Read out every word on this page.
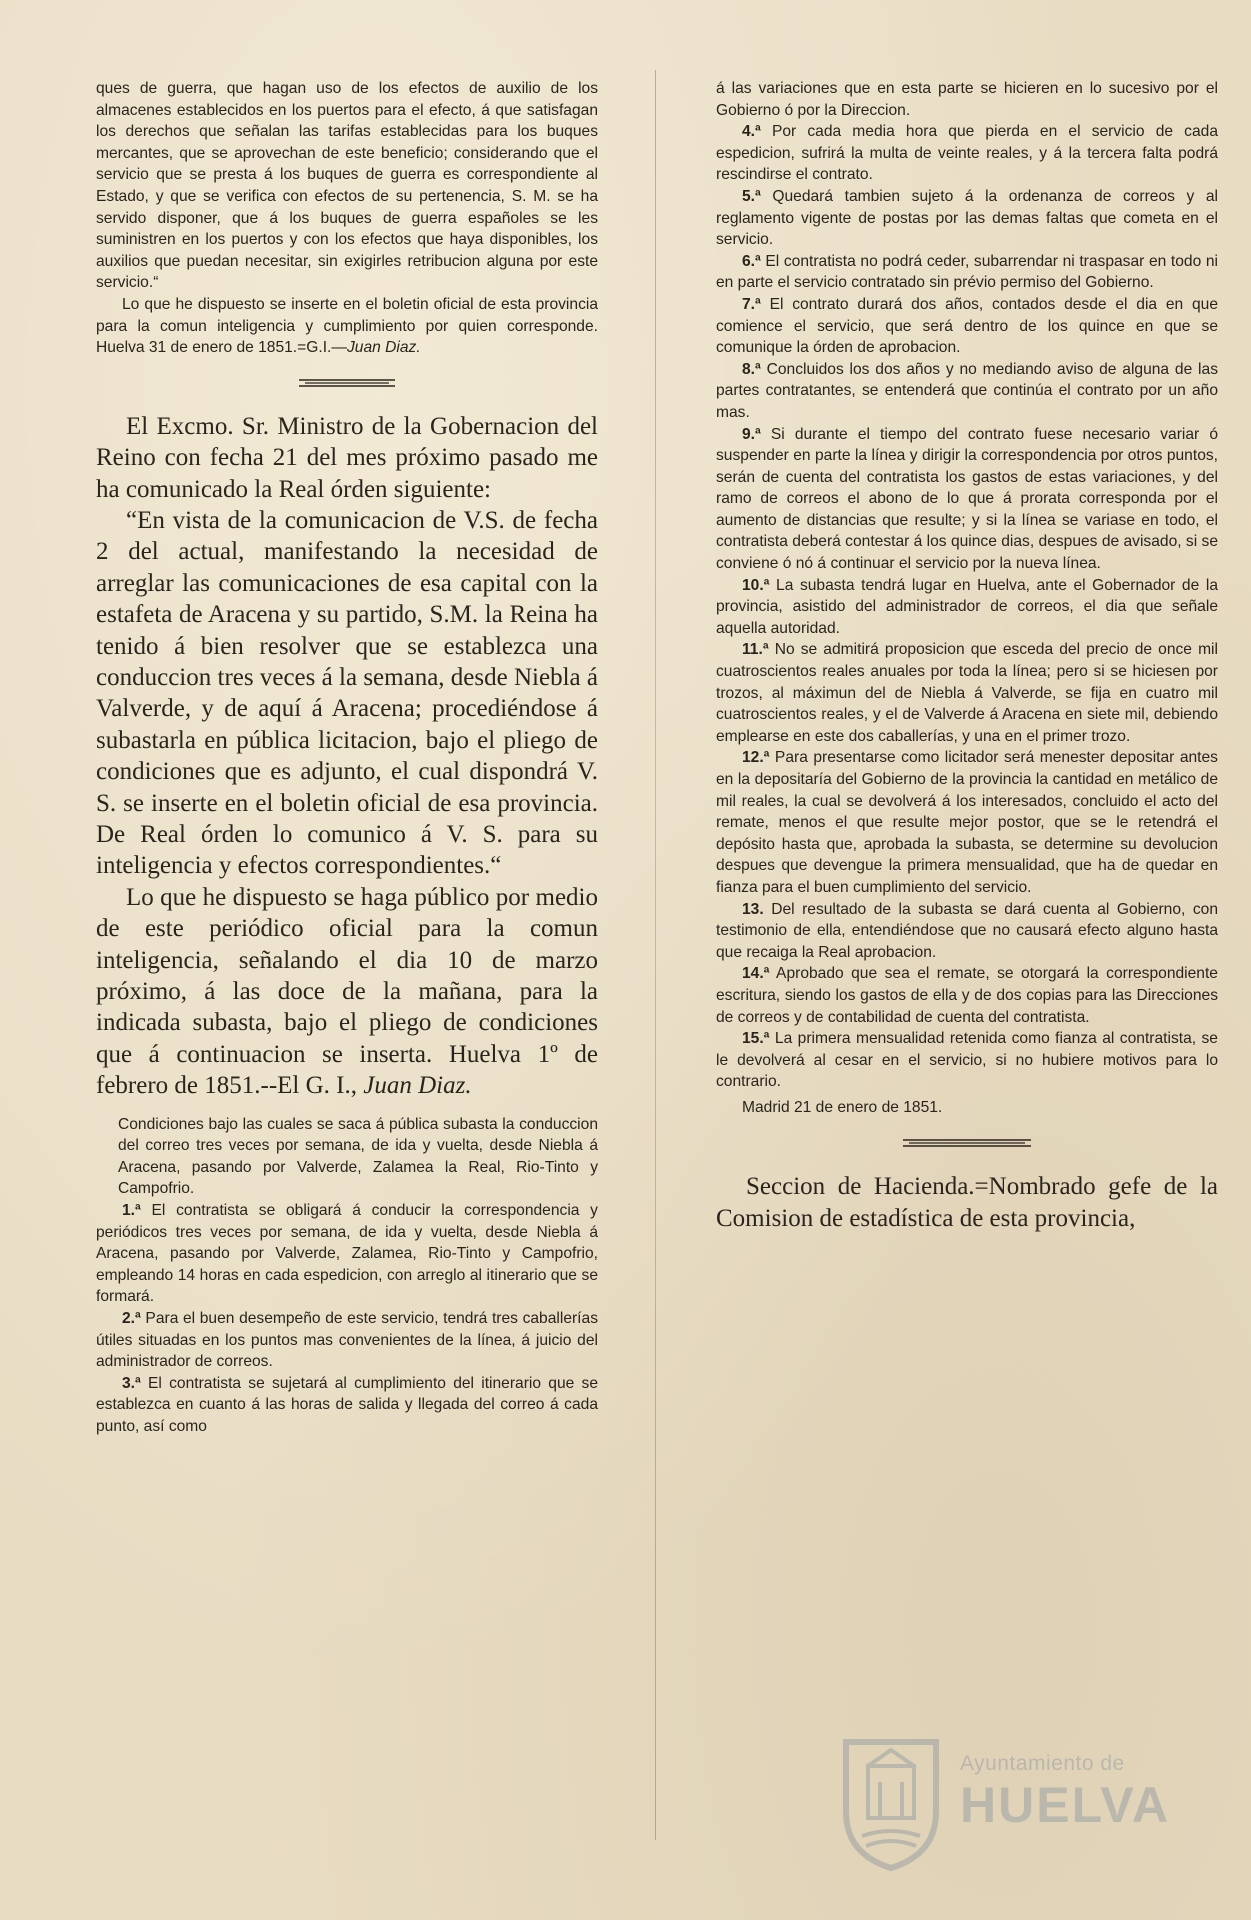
ques de guerra, que hagan uso de los efectos de auxilio de los almacenes establecidos en los puertos para el efecto, á que satisfagan los derechos que señalan las tarifas establecidas para los buques mercantes, que se aprovechan de este beneficio; considerando que el servicio que se presta á los buques de guerra es correspondiente al Estado, y que se verifica con efectos de su pertenencia, S. M. se ha servido disponer, que á los buques de guerra españoles se les suministren en los puertos y con los efectos que haya disponibles, los auxilios que puedan necesitar, sin exigirles retribucion alguna por este servicio.“

Lo que he dispuesto se inserte en el boletin oficial de esta provincia para la comun inteligencia y cumplimiento por quien corresponde. Huelva 31 de enero de 1851.=G.I.—Juan Diaz.

El Excmo. Sr. Ministro de la Gobernacion del Reino con fecha 21 del mes próximo pasado me ha comunicado la Real órden siguiente:

“En vista de la comunicacion de V.S. de fecha 2 del actual, manifestando la necesidad de arreglar las comunicaciones de esa capital con la estafeta de Aracena y su partido, S.M. la Reina ha tenido á bien resolver que se establezca una conduccion tres veces á la semana, desde Niebla á Valverde, y de aquí á Aracena; procediéndose á subastarla en pública licitacion, bajo el pliego de condiciones que es adjunto, el cual dispondrá V. S. se inserte en el boletin oficial de esa provincia. De Real órden lo comunico á V. S. para su inteligencia y efectos correspondientes.“

Lo que he dispuesto se haga público por medio de este periódico oficial para la comun inteligencia, señalando el dia 10 de marzo próximo, á las doce de la mañana, para la indicada subasta, bajo el pliego de condiciones que á continuacion se inserta. Huelva 1º de febrero de 1851.--El G. I., Juan Diaz.

Condiciones bajo las cuales se saca á pública subasta la conduccion del correo tres veces por semana, de ida y vuelta, desde Niebla á Aracena, pasando por Valverde, Zalamea la Real, Rio-Tinto y Campofrio.

1.ª El contratista se obligará á conducir la correspondencia y periódicos tres veces por semana, de ida y vuelta, desde Niebla á Aracena, pasando por Valverde, Zalamea, Rio-Tinto y Campofrio, empleando 14 horas en cada espedicion, con arreglo al itinerario que se formará.

2.ª Para el buen desempeño de este servicio, tendrá tres caballerías útiles situadas en los puntos mas convenientes de la línea, á juicio del administrador de correos.

3.ª El contratista se sujetará al cumplimiento del itinerario que se establezca en cuanto á las horas de salida y llegada del correo á cada punto, así como

á las variaciones que en esta parte se hicieren en lo sucesivo por el Gobierno ó por la Direccion.

4.ª Por cada media hora que pierda en el servicio de cada espedicion, sufrirá la multa de veinte reales, y á la tercera falta podrá rescindirse el contrato.

5.ª Quedará tambien sujeto á la ordenanza de correos y al reglamento vigente de postas por las demas faltas que cometa en el servicio.

6.ª El contratista no podrá ceder, subarrendar ni traspasar en todo ni en parte el servicio contratado sin prévio permiso del Gobierno.

7.ª El contrato durará dos años, contados desde el dia en que comience el servicio, que será dentro de los quince en que se comunique la órden de aprobacion.

8.ª Concluidos los dos años y no mediando aviso de alguna de las partes contratantes, se entenderá que continúa el contrato por un año mas.

9.ª Si durante el tiempo del contrato fuese necesario variar ó suspender en parte la línea y dirigir la correspondencia por otros puntos, serán de cuenta del contratista los gastos de estas variaciones, y del ramo de correos el abono de lo que á prorata corresponda por el aumento de distancias que resulte; y si la línea se variase en todo, el contratista deberá contestar á los quince dias, despues de avisado, si se conviene ó nó á continuar el servicio por la nueva línea.

10.ª La subasta tendrá lugar en Huelva, ante el Gobernador de la provincia, asistido del administrador de correos, el dia que señale aquella autoridad.

11.ª No se admitirá proposicion que esceda del precio de once mil cuatroscientos reales anuales por toda la línea; pero si se hiciesen por trozos, al máximun del de Niebla á Valverde, se fija en cuatro mil cuatroscientos reales, y el de Valverde á Aracena en siete mil, debiendo emplearse en este dos caballerías, y una en el primer trozo.

12.ª Para presentarse como licitador será menester depositar antes en la depositaría del Gobierno de la provincia la cantidad en metálico de mil reales, la cual se devolverá á los interesados, concluido el acto del remate, menos el que resulte mejor postor, que se le retendrá el depósito hasta que, aprobada la subasta, se determine su devolucion despues que devengue la primera mensualidad, que ha de quedar en fianza para el buen cumplimiento del servicio.

13. Del resultado de la subasta se dará cuenta al Gobierno, con testimonio de ella, entendiéndose que no causará efecto alguno hasta que recaiga la Real aprobacion.

14.ª Aprobado que sea el remate, se otorgará la correspondiente escritura, siendo los gastos de ella y de dos copias para las Direcciones de correos y de contabilidad de cuenta del contratista.

15.ª La primera mensualidad retenida como fianza al contratista, se le devolverá al cesar en el servicio, si no hubiere motivos para lo contrario.

Madrid 21 de enero de 1851.

Seccion de Hacienda.=Nombrado gefe de la Comision de estadística de esta provincia,

Ayuntamiento de
HUELVA
